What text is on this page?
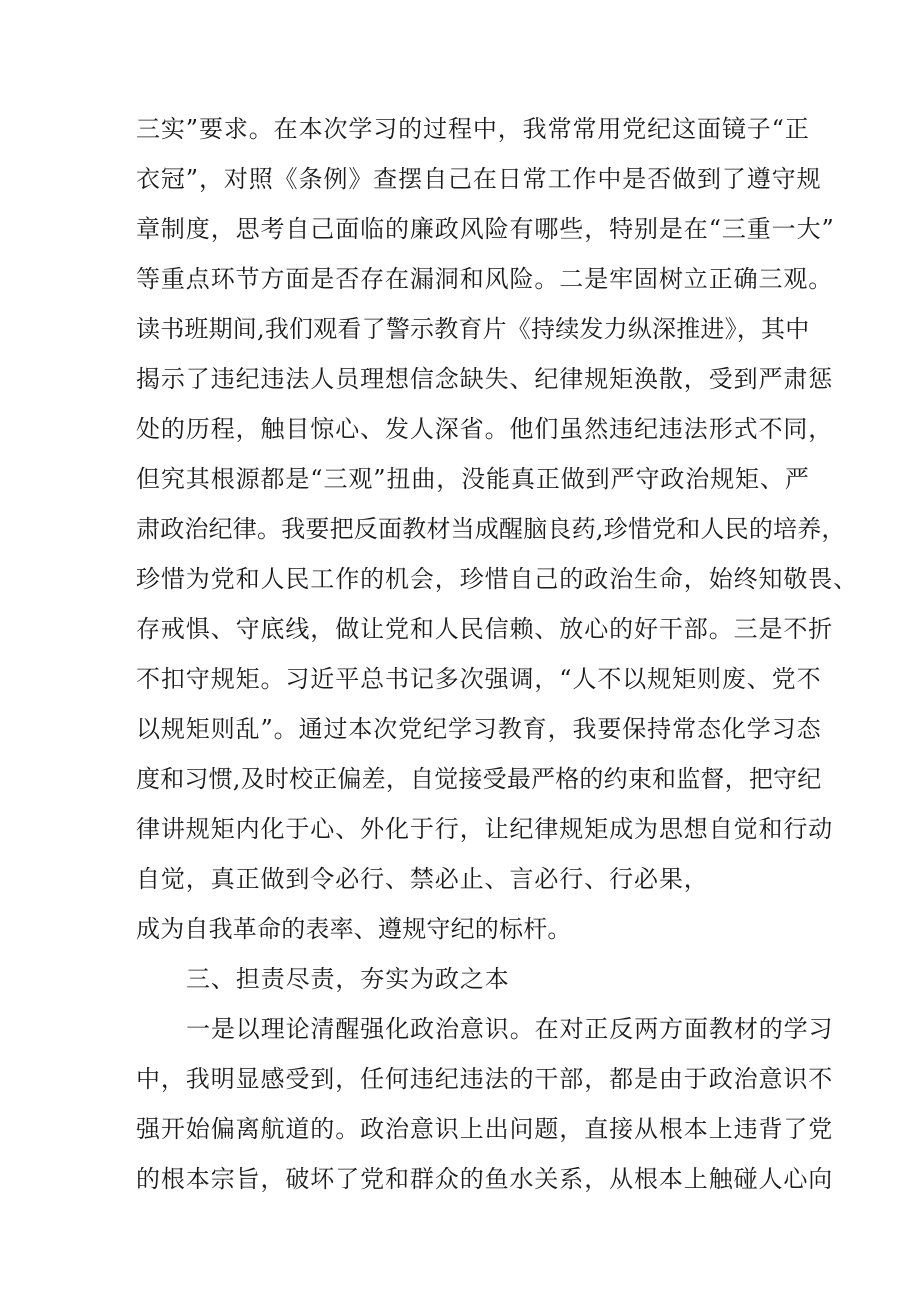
三实”要求。在本次学习的过程中，我常常用党纪这面镜子“正
衣冠”，对照《条例》查摆自己在日常工作中是否做到了遵守规
章制度，思考自己面临的廉政风险有哪些，特别是在“三重一大”
等重点环节方面是否存在漏洞和风险。二是牢固树立正确三观。
读书班期间,我们观看了警示教育片《持续发力纵深推进》，其中
揭示了违纪违法人员理想信念缺失、纪律规矩涣散，受到严肃惩
处的历程，触目惊心、发人深省。他们虽然违纪违法形式不同，
但究其根源都是“三观”扭曲，没能真正做到严守政治规矩、严
肃政治纪律。我要把反面教材当成醒脑良药,珍惜党和人民的培养，
珍惜为党和人民工作的机会，珍惜自己的政治生命，始终知敬畏、
存戒惧、守底线，做让党和人民信赖、放心的好干部。三是不折
不扣守规矩。习近平总书记多次强调，“人不以规矩则废、党不
以规矩则乱”。通过本次党纪学习教育，我要保持常态化学习态
度和习惯,及时校正偏差，自觉接受最严格的约束和监督，把守纪
律讲规矩内化于心、外化于行，让纪律规矩成为思想自觉和行动
自觉，真正做到令必行、禁必止、言必行、行必果，
成为自我革命的表率、遵规守纪的标杆。
三、担责尽责，夯实为政之本
一是以理论清醒强化政治意识。在对正反两方面教材的学习
中，我明显感受到，任何违纪违法的干部，都是由于政治意识不
强开始偏离航道的。政治意识上出问题，直接从根本上违背了党
的根本宗旨，破坏了党和群众的鱼水关系，从根本上触碰人心向
